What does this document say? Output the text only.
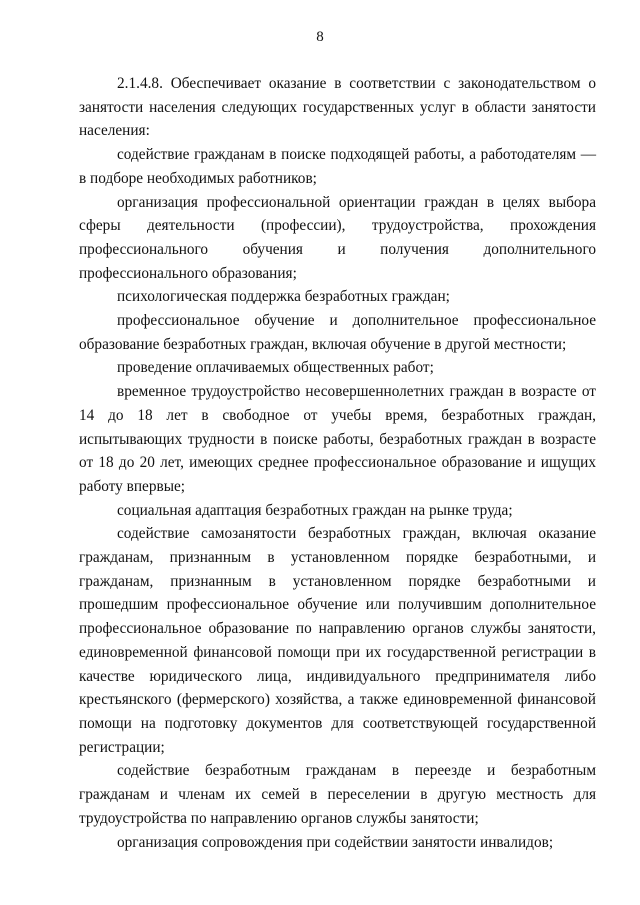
8

2.1.4.8. Обеспечивает оказание в соответствии с законодательством о занятости населения следующих государственных услуг в области занятости населения:

содействие гражданам в поиске подходящей работы, а работодателям — в подборе необходимых работников;

организация профессиональной ориентации граждан в целях выбора сферы деятельности (профессии), трудоустройства, прохождения профессионального обучения и получения дополнительного профессионального образования;

психологическая поддержка безработных граждан;

профессиональное обучение и дополнительное профессиональное образование безработных граждан, включая обучение в другой местности;

проведение оплачиваемых общественных работ;

временное трудоустройство несовершеннолетних граждан в возрасте от 14 до 18 лет в свободное от учебы время, безработных граждан, испытывающих трудности в поиске работы, безработных граждан в возрасте от 18 до 20 лет, имеющих среднее профессиональное образование и ищущих работу впервые;

социальная адаптация безработных граждан на рынке труда;

содействие самозанятости безработных граждан, включая оказание гражданам, признанным в установленном порядке безработными, и гражданам, признанным в установленном порядке безработными и прошедшим профессиональное обучение или получившим дополнительное профессиональное образование по направлению органов службы занятости, единовременной финансовой помощи при их государственной регистрации в качестве юридического лица, индивидуального предпринимателя либо крестьянского (фермерского) хозяйства, а также единовременной финансовой помощи на подготовку документов для соответствующей государственной регистрации;

содействие безработным гражданам в переезде и безработным гражданам и членам их семей в переселении в другую местность для трудоустройства по направлению органов службы занятости;

организация сопровождения при содействии занятости инвалидов;
